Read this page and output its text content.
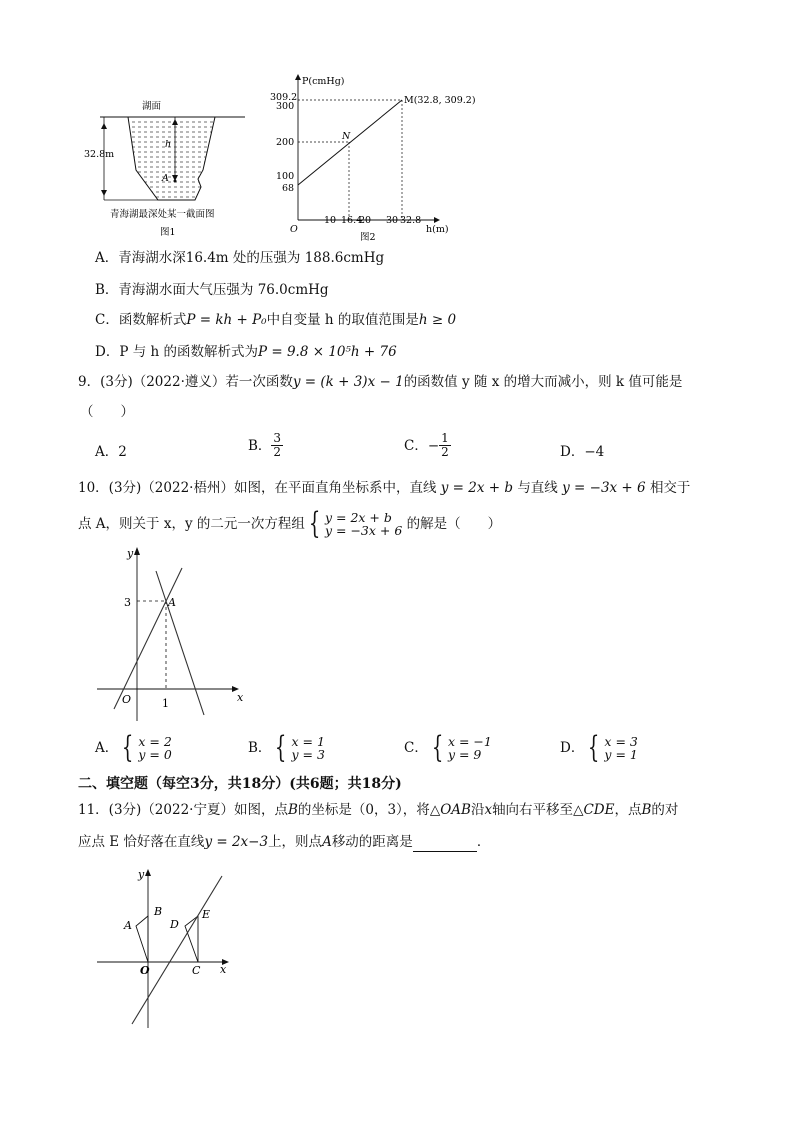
湖面
32.8m
h
A
青海湖最深处某一截面图
图1
P(cmHg)
h(m)
O
309.2
300
200
100
68
10 16.4
20 30 32.8
M(32.8, 309.2)
N
图2
A．青海湖水深16.4m 处的压强为 188.6cmHg
B．青海湖水面大气压强为 76.0cmHg
C．函数解析式P = kh + P₀中自变量 h 的取值范围是h ≥ 0
D．P 与 h 的函数解析式为P = 9.8 × 10⁵h + 76
9．(3分)（2022·遵义）若一次函数y = (k + 3)x − 1的函数值 y 随 x 的增大而减小，则 k 值可能是
（　　）
A．2	B． $\frac{3}{2}$	C．− $\frac{1}{2}$	D．−4
10．(3分)（2022·梧州）如图，在平面直角坐标系中，直线 y = 2x + b 与直线 y = −3x + 6 相交于
点 A，则关于 x，y 的二元一次方程组 { y = 2x + b
y = −3x + 6
的解是（　　）
y
x
O
3
1
A
A． { x = 2
y = 0	B． { x = 1
y = 3	C． { x = −1
y = 9	D． { x = 3
y = 1
二、填空题（每空3分，共18分）(共6题；共18分)
11．(3分)（2022·宁夏）如图，点B的坐标是（0，3），将△OAB沿x轴向右平移至△CDE，点B的对
应点 E 恰好落在直线y = 2x−3上，则点A移动的距离是	．
y
x
O
A
B
C
D
E
